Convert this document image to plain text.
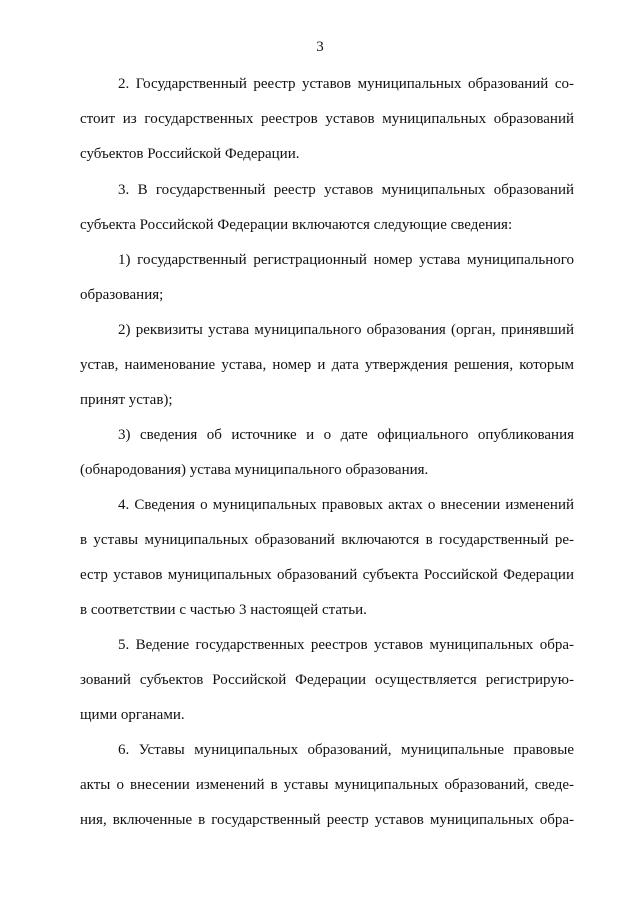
3
2. Государственный реестр уставов муниципальных образований со-
стоит из государственных реестров уставов муниципальных образований
субъектов Российской Федерации.
3. В государственный реестр уставов муниципальных образований
субъекта Российской Федерации включаются следующие сведения:
1) государственный регистрационный номер устава муниципального
образования;
2) реквизиты устава муниципального образования (орган, принявший
устав, наименование устава, номер и дата утверждения решения, которым
принят устав);
3) сведения об источнике и о дате официального опубликования
(обнародования) устава муниципального образования.
4. Сведения о муниципальных правовых актах о внесении изменений
в уставы муниципальных образований включаются в государственный ре-
естр уставов муниципальных образований субъекта Российской Федерации
в соответствии с частью 3 настоящей статьи.
5. Ведение государственных реестров уставов муниципальных обра-
зований субъектов Российской Федерации осуществляется регистрирую-
щими органами.
6. Уставы муниципальных образований, муниципальные правовые
акты о внесении изменений в уставы муниципальных образований, сведе-
ния, включенные в государственный реестр уставов муниципальных обра-
